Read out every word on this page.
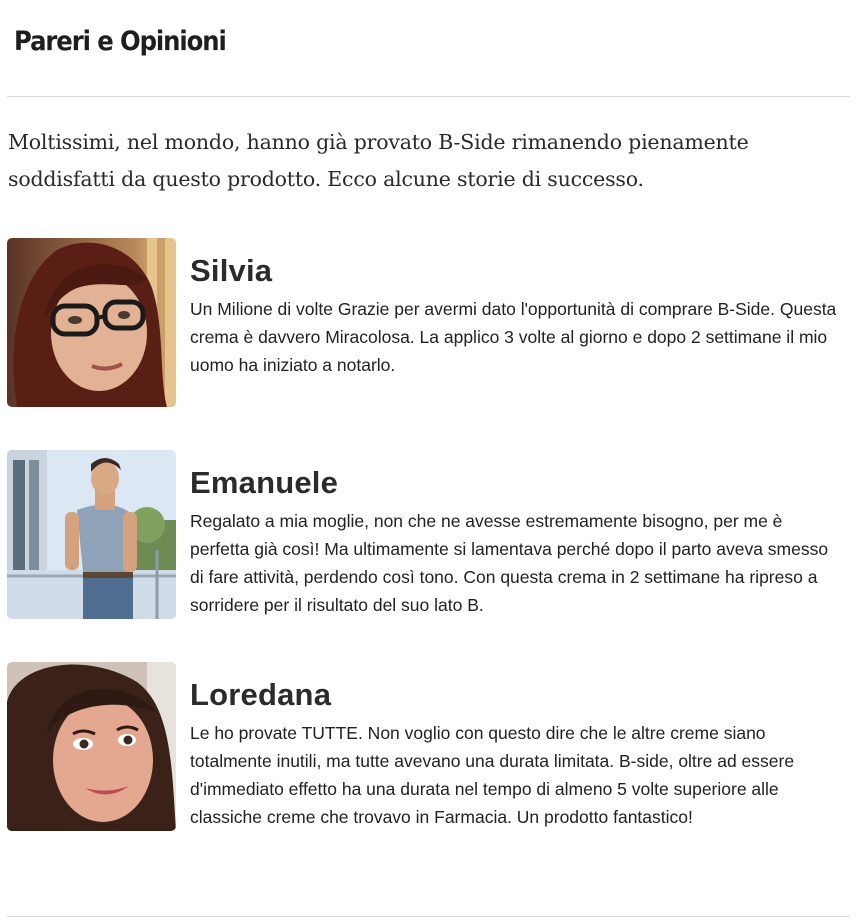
Pareri e Opinioni

Moltissimi, nel mondo, hanno già provato B-Side rimanendo pienamente soddisfatti da questo prodotto. Ecco alcune storie di successo.

Silvia

Un Milione di volte Grazie per avermi dato l'opportunità di comprare B-Side. Questa crema è davvero Miracolosa. La applico 3 volte al giorno e dopo 2 settimane il mio uomo ha iniziato a notarlo.

Emanuele

Regalato a mia moglie, non che ne avesse estremamente bisogno, per me è perfetta già così! Ma ultimamente si lamentava perché dopo il parto aveva smesso di fare attività, perdendo così tono. Con questa crema in 2 settimane ha ripreso a sorridere per il risultato del suo lato B.

Loredana

Le ho provate TUTTE. Non voglio con questo dire che le altre creme siano totalmente inutili, ma tutte avevano una durata limitata. B-side, oltre ad essere d'immediato effetto ha una durata nel tempo di almeno 5 volte superiore alle classiche creme che trovavo in Farmacia. Un prodotto fantastico!
